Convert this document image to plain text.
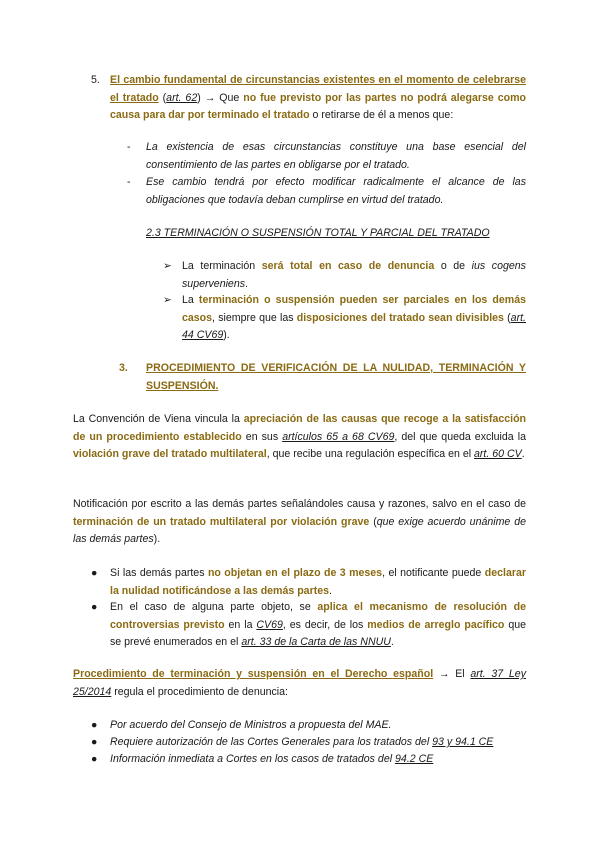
5. El cambio fundamental de circunstancias existentes en el momento de celebrarse el tratado (art. 62) → Que no fue previsto por las partes no podrá alegarse como causa para dar por terminado el tratado o retirarse de él a menos que:
- La existencia de esas circunstancias constituye una base esencial del consentimiento de las partes en obligarse por el tratado.
- Ese cambio tendrá por efecto modificar radicalmente el alcance de las obligaciones que todavía deban cumplirse en virtud del tratado.
2.3 TERMINACIÓN O SUSPENSIÓN TOTAL Y PARCIAL DEL TRATADO
➢ La terminación será total en caso de denuncia o de ius cogens superveniens.
➢ La terminación o suspensión pueden ser parciales en los demás casos, siempre que las disposiciones del tratado sean divisibles (art. 44 CV69).
3. PROCEDIMIENTO DE VERIFICACIÓN DE LA NULIDAD, TERMINACIÓN Y SUSPENSIÓN.
La Convención de Viena vincula la apreciación de las causas que recoge a la satisfacción de un procedimiento establecido en sus artículos 65 a 68 CV69, del que queda excluida la violación grave del tratado multilateral, que recibe una regulación específica en el art. 60 CV.
Notificación por escrito a las demás partes señalándoles causa y razones, salvo en el caso de terminación de un tratado multilateral por violación grave (que exige acuerdo unánime de las demás partes).
● Si las demás partes no objetan en el plazo de 3 meses, el notificante puede declarar la nulidad notificándose a las demás partes.
● En el caso de alguna parte objeto, se aplica el mecanismo de resolución de controversias previsto en la CV69, es decir, de los medios de arreglo pacífico que se prevé enumerados en el art. 33 de la Carta de las NNUU.
Procedimiento de terminación y suspensión en el Derecho español → El art. 37 Ley 25/2014 regula el procedimiento de denuncia:
● Por acuerdo del Consejo de Ministros a propuesta del MAE.
● Requiere autorización de las Cortes Generales para los tratados del 93 y 94.1 CE
● Información inmediata a Cortes en los casos de tratados del 94.2 CE
